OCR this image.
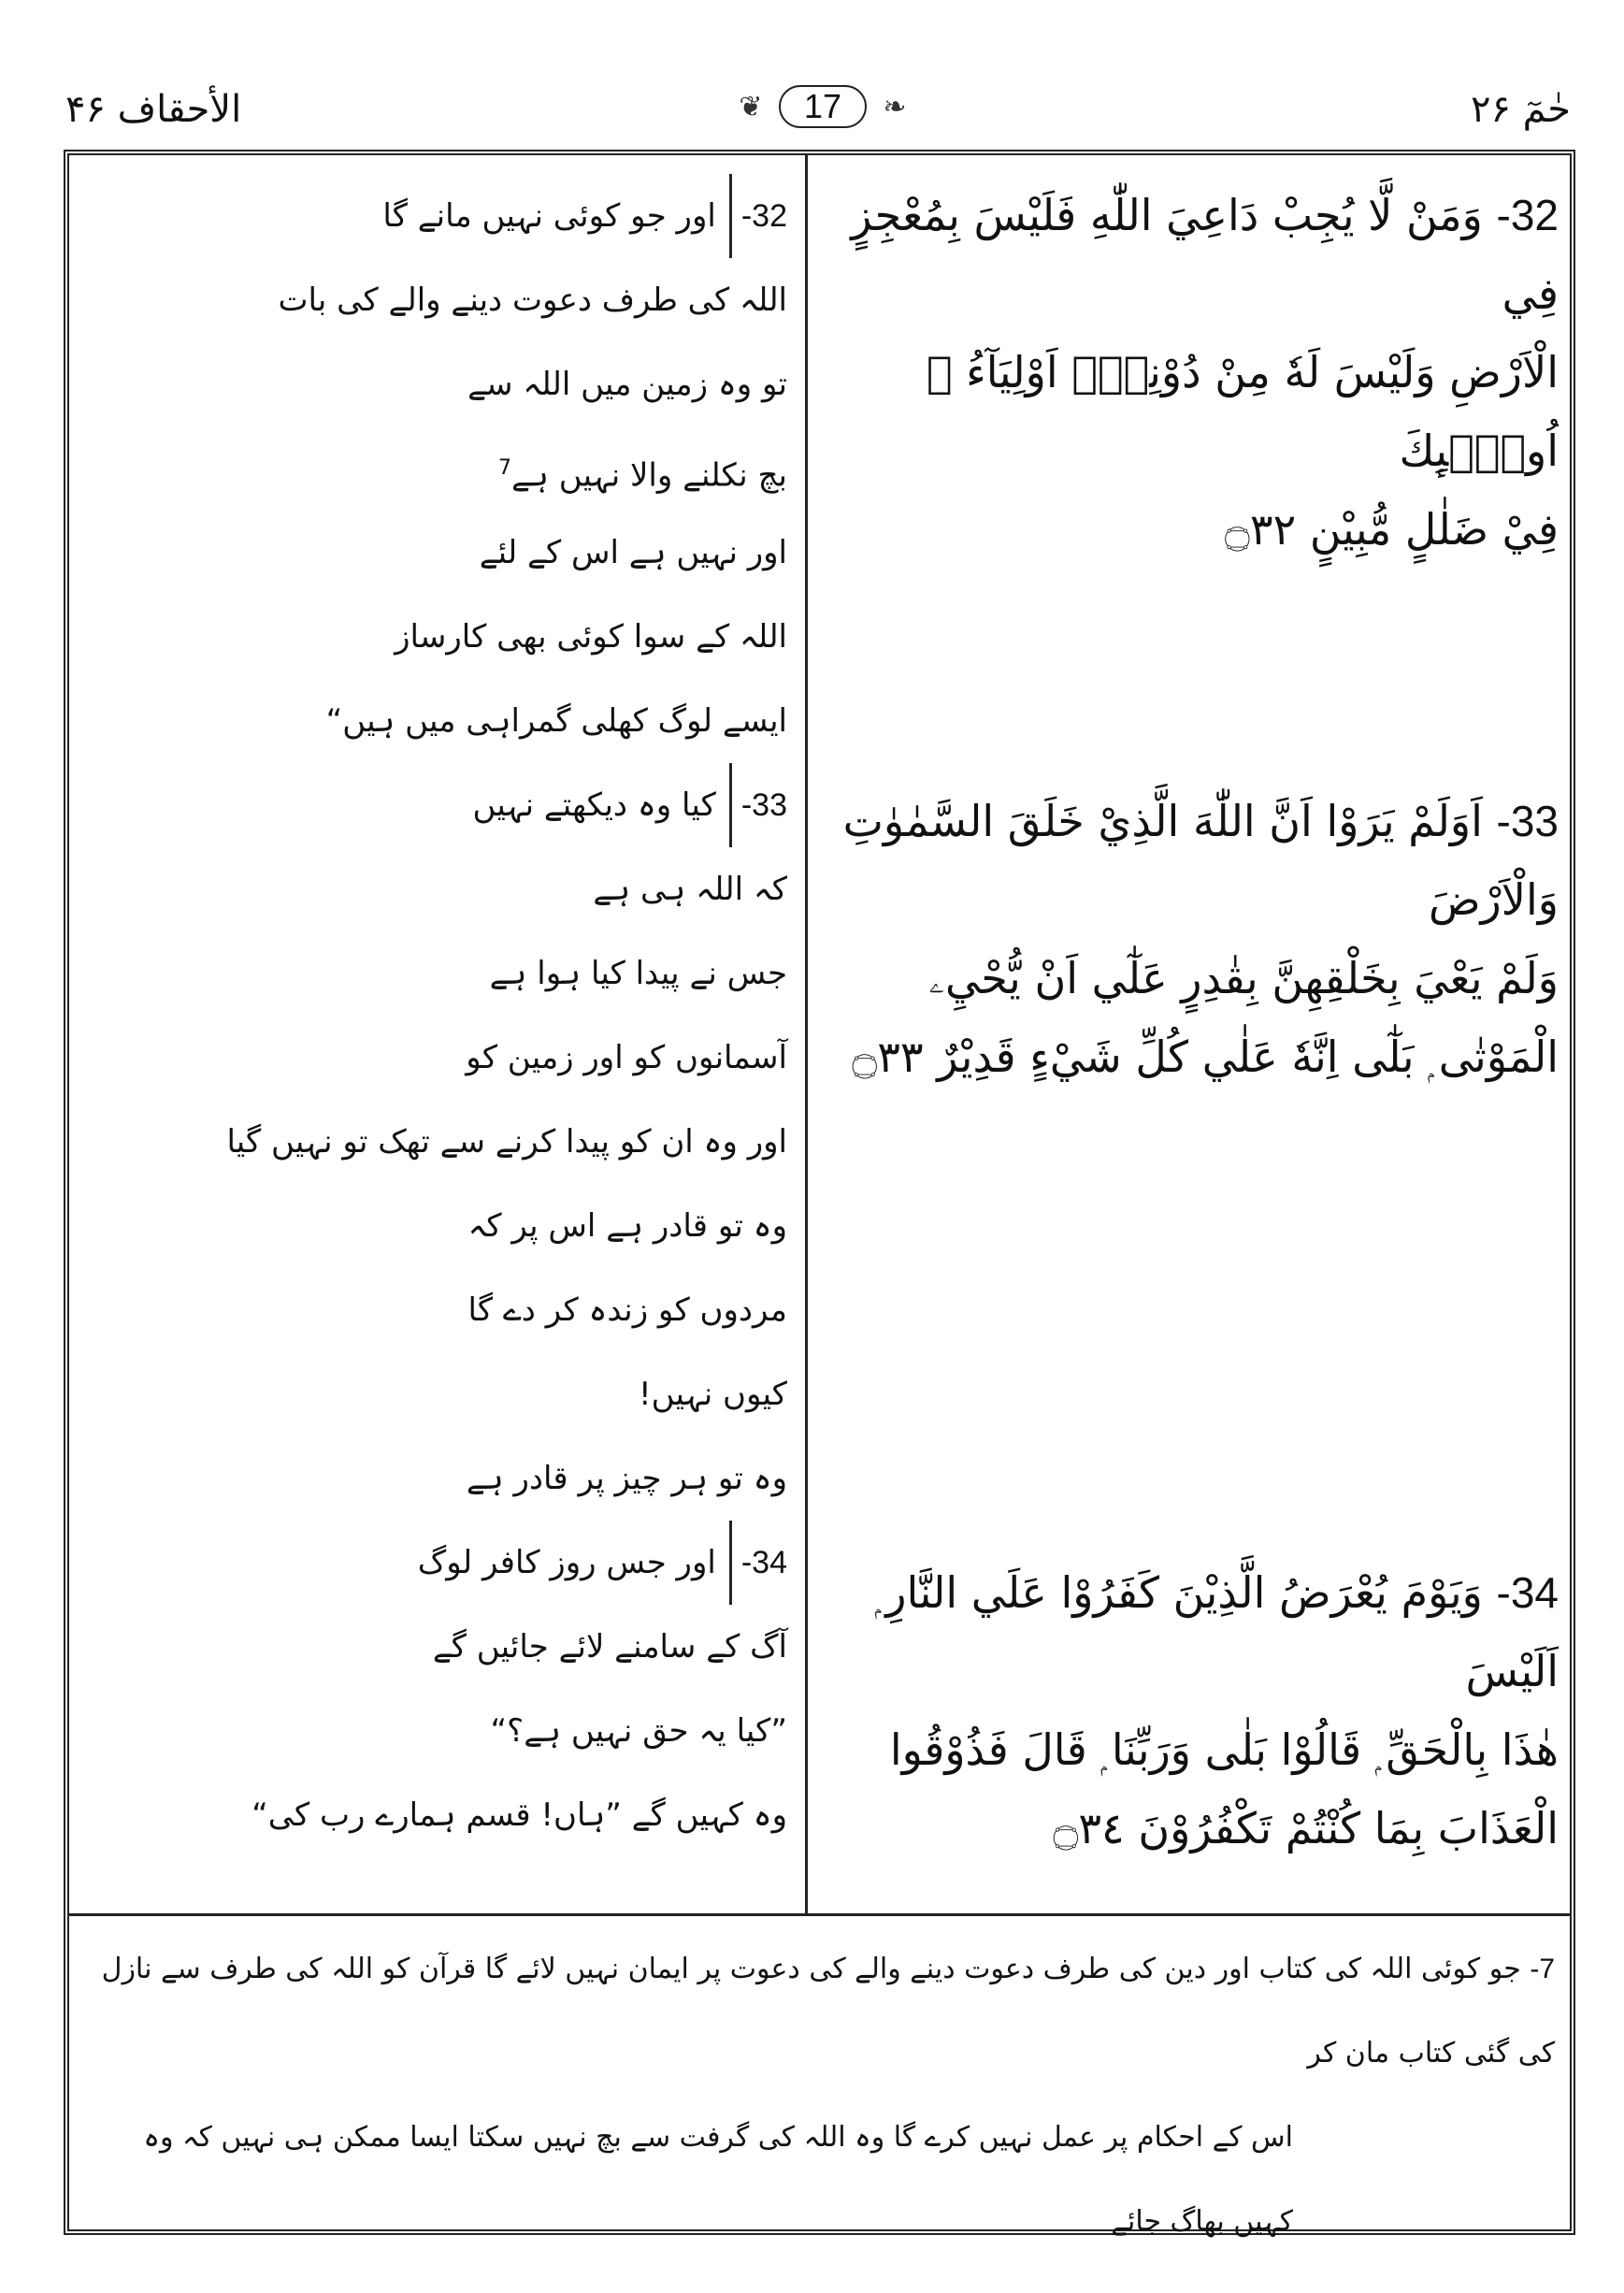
الأحقاف ۴۶	❦	17	❧	حٰمٓ ۲۶
32- وَمَنْ لَّا يُجِبْ دَاعِيَ اللّٰهِ فَلَيْسَ بِمُعْجِزٍ فِي
الْاَرْضِ وَلَيْسَ لَهٗ مِنْ دُوْنِهٖۤ اَوْلِيَآءُ ۭ اُولٰۗىِٕكَ
فِيْ ضَلٰلٍ مُّبِيْنٍ ۝٣٢
33- اَوَلَمْ يَرَوْا اَنَّ اللّٰهَ الَّذِيْ خَلَقَ السَّمٰوٰتِ وَالْاَرْضَ
وَلَمْ يَعْيَ بِخَلْقِهِنَّ بِقٰدِرٍ عَلٰٓي اَنْ يُّحْيِۦ
الْمَوْتٰى ۭ بَلٰٓى اِنَّهٗ عَلٰي كُلِّ شَيْءٍ قَدِيْرٌ ۝٣٣
34- وَيَوْمَ يُعْرَضُ الَّذِيْنَ كَفَرُوْا عَلَي النَّارِ ۭ اَلَيْسَ
هٰذَا بِالْحَقِّ ۭ قَالُوْا بَلٰى وَرَبِّنَا ۭ قَالَ فَذُوْقُوا
الْعَذَابَ بِمَا كُنْتُمْ تَكْفُرُوْنَ ۝٣٤
32-اور جو کوئی نہیں مانے گا
اللہ کی طرف دعوت دینے والے کی بات
تو وہ زمین میں اللہ سے
بچ نکلنے والا نہیں ہے$^7$
اور نہیں ہے اس کے لئے
اللہ کے سوا کوئی بھی کارساز
ایسے لوگ کھلی گمراہی میں ہیں“
33-کیا وہ دیکھتے نہیں
کہ اللہ ہی ہے
جس نے پیدا کیا ہوا ہے
آسمانوں کو اور زمین کو
اور وہ ان کو پیدا کرنے سے تھک تو نہیں گیا
وہ تو قادر ہے اس پر کہ
مردوں کو زندہ کر دے گا
کیوں نہیں!
وہ تو ہر چیز پر قادر ہے
34-اور جس روز کافر لوگ
آگ کے سامنے لائے جائیں گے
”کیا یہ حق نہیں ہے؟“
وہ کہیں گے ”ہاں! قسم ہمارے رب کی“
7- جو کوئی اللہ کی کتاب اور دین کی طرف دعوت دینے والے کی دعوت پر ایمان نہیں لائے گا قرآن کو اللہ کی طرف سے نازل کی گئی کتاب مان کر
اس کے احکام پر عمل نہیں کرے گا وہ اللہ کی گرفت سے بچ نہیں سکتا ایسا ممکن ہی نہیں کہ وہ کہیں بھاگ جائے
